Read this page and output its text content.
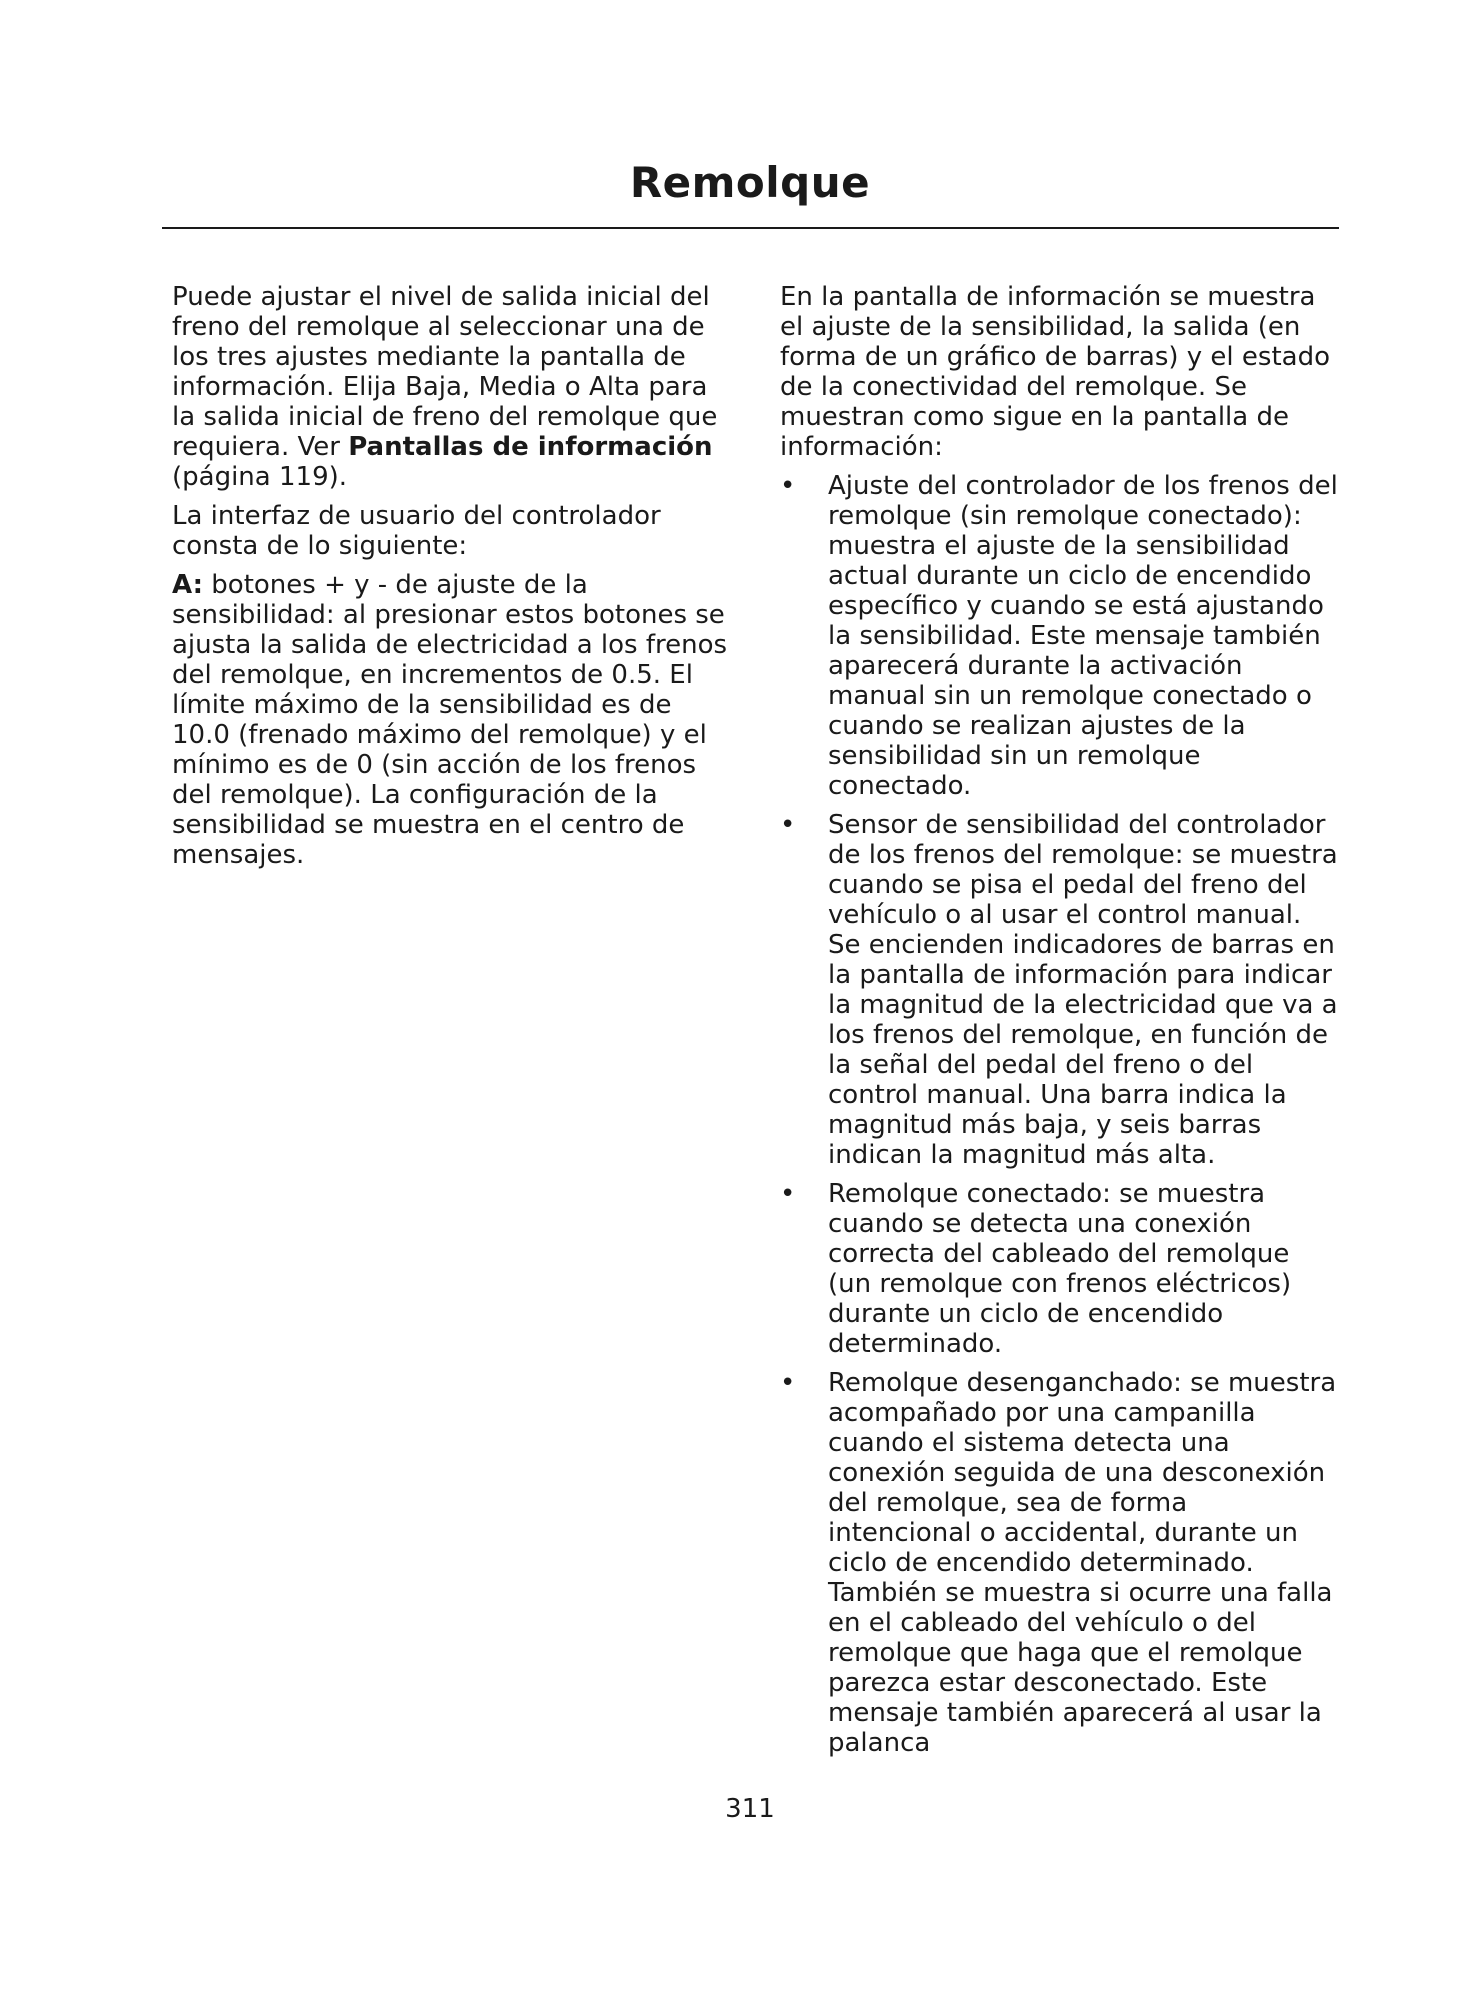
Remolque

Puede ajustar el nivel de salida inicial del freno del remolque al seleccionar una de los tres ajustes mediante la pantalla de información. Elija Baja, Media o Alta para la salida inicial de freno del remolque que requiera. Ver Pantallas de información (página 119).

La interfaz de usuario del controlador consta de lo siguiente:

A: botones + y - de ajuste de la sensibilidad: al presionar estos botones se ajusta la salida de electricidad a los frenos del remolque, en incrementos de 0.5. El límite máximo de la sensibilidad es de 10.0 (frenado máximo del remolque) y el mínimo es de 0 (sin acción de los frenos del remolque). La configuración de la sensibilidad se muestra en el centro de mensajes.

En la pantalla de información se muestra el ajuste de la sensibilidad, la salida (en forma de un gráfico de barras) y el estado de la conectividad del remolque. Se muestran como sigue en la pantalla de información:

• Ajuste del controlador de los frenos del remolque (sin remolque conectado): muestra el ajuste de la sensibilidad actual durante un ciclo de encendido específico y cuando se está ajustando la sensibilidad. Este mensaje también aparecerá durante la activación manual sin un remolque conectado o cuando se realizan ajustes de la sensibilidad sin un remolque conectado.
• Sensor de sensibilidad del controlador de los frenos del remolque: se muestra cuando se pisa el pedal del freno del vehículo o al usar el control manual. Se encienden indicadores de barras en la pantalla de información para indicar la magnitud de la electricidad que va a los frenos del remolque, en función de la señal del pedal del freno o del control manual. Una barra indica la magnitud más baja, y seis barras indican la magnitud más alta.
• Remolque conectado: se muestra cuando se detecta una conexión correcta del cableado del remolque (un remolque con frenos eléctricos) durante un ciclo de encendido determinado.
• Remolque desenganchado: se muestra acompañado por una campanilla cuando el sistema detecta una conexión seguida de una desconexión del remolque, sea de forma intencional o accidental, durante un ciclo de encendido determinado. También se muestra si ocurre una falla en el cableado del vehículo o del remolque que haga que el remolque parezca estar desconectado. Este mensaje también aparecerá al usar la palanca
311
